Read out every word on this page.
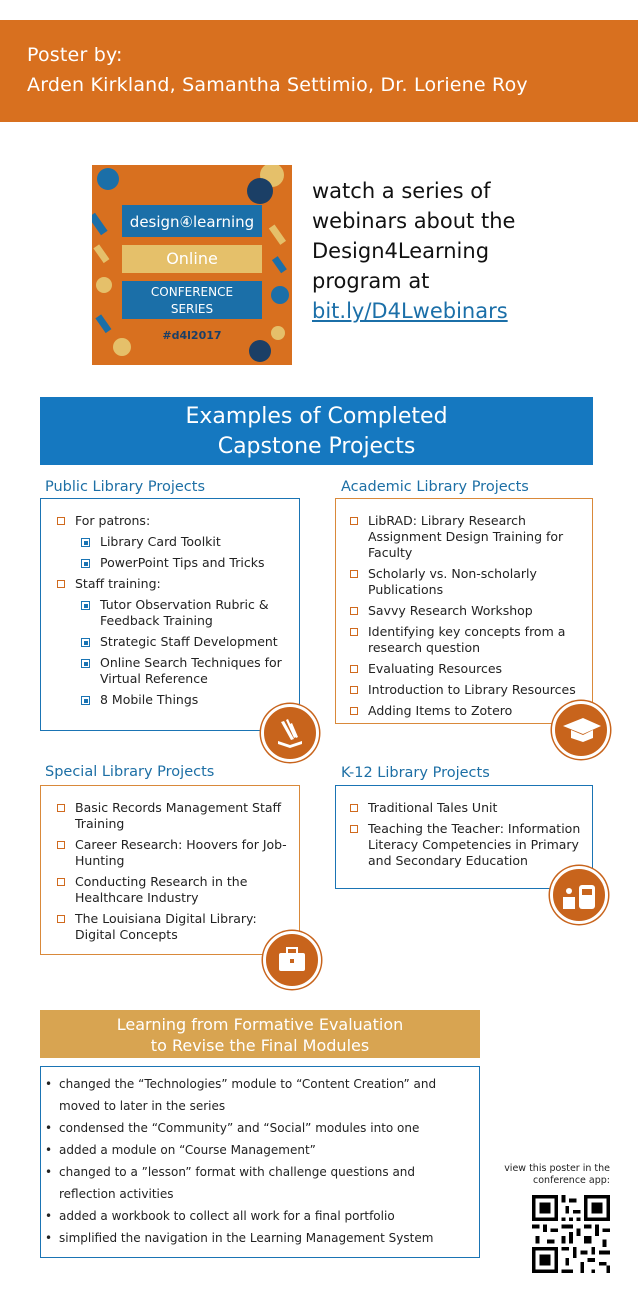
Poster by:
Arden Kirkland, Samantha Settimio, Dr. Loriene Roy
design④learning
Online
CONFERENCE
SERIES
#d4l2017
watch a series of
webinars about the
Design4Learning
program at
bit.ly/D4Lwebinars
Examples of Completed
Capstone Projects
Public Library Projects
For patrons:
Library Card Toolkit
PowerPoint Tips and Tricks
Staff training:
Tutor Observation Rubric & Feedback Training
Strategic Staff Development
Online Search Techniques for Virtual Reference
8 Mobile Things
Academic Library Projects
LibRAD: Library Research Assignment Design Training for Faculty
Scholarly vs. Non-scholarly Publications
Savvy Research Workshop
Identifying key concepts from a research question
Evaluating Resources
Introduction to Library Resources
Adding Items to Zotero
Special Library Projects
Basic Records Management Staff Training
Career Research: Hoovers for Job-Hunting
Conducting Research in the Healthcare Industry
The Louisiana Digital Library: Digital Concepts
K-12 Library Projects
Traditional Tales Unit
Teaching the Teacher: Information Literacy Competencies in Primary and Secondary Education
Learning from Formative Evaluation
to Revise the Final Modules
• changed the “Technologies” module to “Content Creation” and
moved to later in the series
• condensed the “Community” and “Social” modules into one
• added a module on “Course Management”
• changed to a ”lesson” format with challenge questions and
reflection activities
• added a workbook to collect all work for a final portfolio
• simplified the navigation in the Learning Management System
view this poster in the
conference app:
